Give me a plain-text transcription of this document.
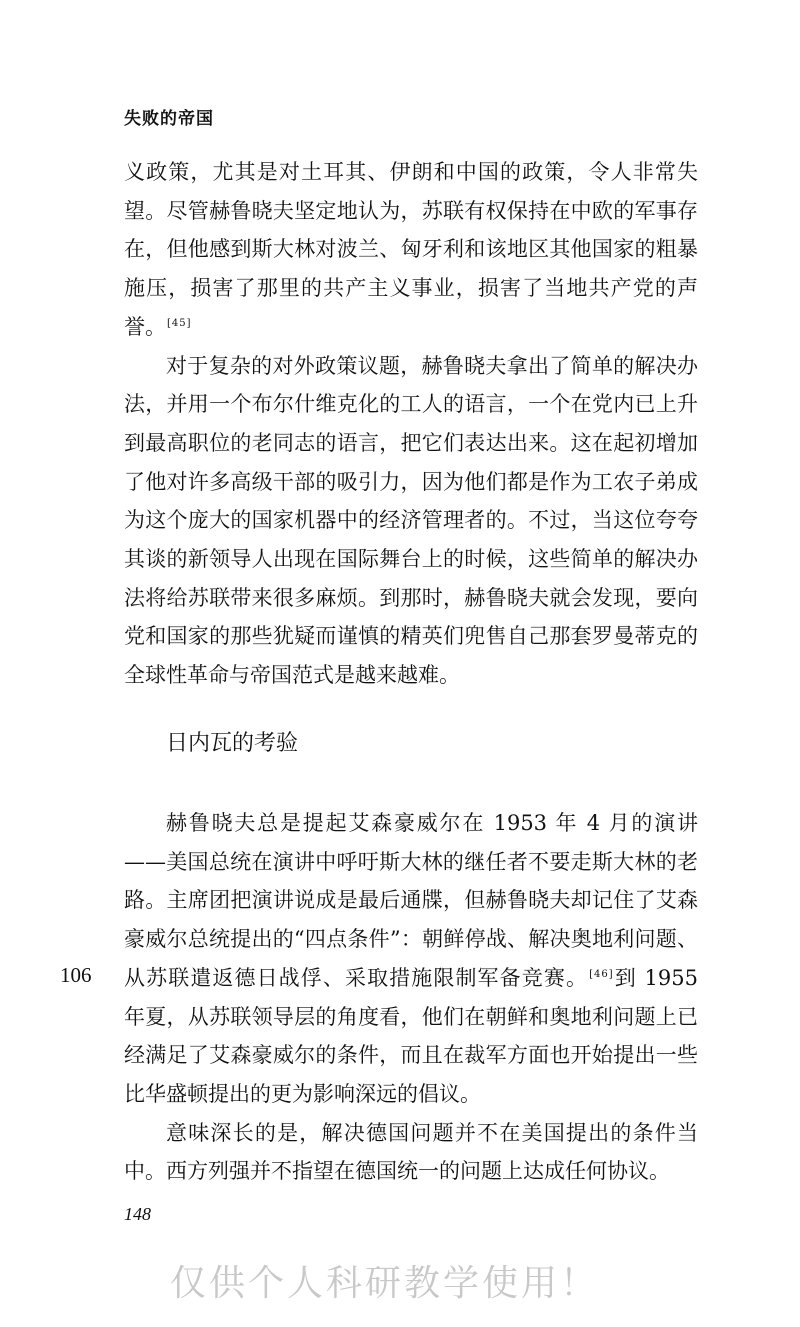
失败的帝国

义政策，尤其是对土耳其、伊朗和中国的政策，令人非常失望。尽管赫鲁晓夫坚定地认为，苏联有权保持在中欧的军事存在，但他感到斯大林对波兰、匈牙利和该地区其他国家的粗暴施压，损害了那里的共产主义事业，损害了当地共产党的声誉。[45]

对于复杂的对外政策议题，赫鲁晓夫拿出了简单的解决办法，并用一个布尔什维克化的工人的语言，一个在党内已上升到最高职位的老同志的语言，把它们表达出来。这在起初增加了他对许多高级干部的吸引力，因为他们都是作为工农子弟成为这个庞大的国家机器中的经济管理者的。不过，当这位夸夸其谈的新领导人出现在国际舞台上的时候，这些简单的解决办法将给苏联带来很多麻烦。到那时，赫鲁晓夫就会发现，要向党和国家的那些犹疑而谨慎的精英们兜售自己那套罗曼蒂克的全球性革命与帝国范式是越来越难。

日内瓦的考验

赫鲁晓夫总是提起艾森豪威尔在 1953 年 4 月的演讲——美国总统在演讲中呼吁斯大林的继任者不要走斯大林的老路。主席团把演讲说成是最后通牒，但赫鲁晓夫却记住了艾森豪威尔总统提出的“四点条件”：朝鲜停战、解决奥地利问题、从苏联遣返德日战俘、采取措施限制军备竞赛。[46]到 1955 年夏，从苏联领导层的角度看，他们在朝鲜和奥地利问题上已经满足了艾森豪威尔的条件，而且在裁军方面也开始提出一些比华盛顿提出的更为影响深远的倡议。

意味深长的是，解决德国问题并不在美国提出的条件当中。西方列强并不指望在德国统一的问题上达成任何协议。

106
148
仅供个人科研教学使用！
